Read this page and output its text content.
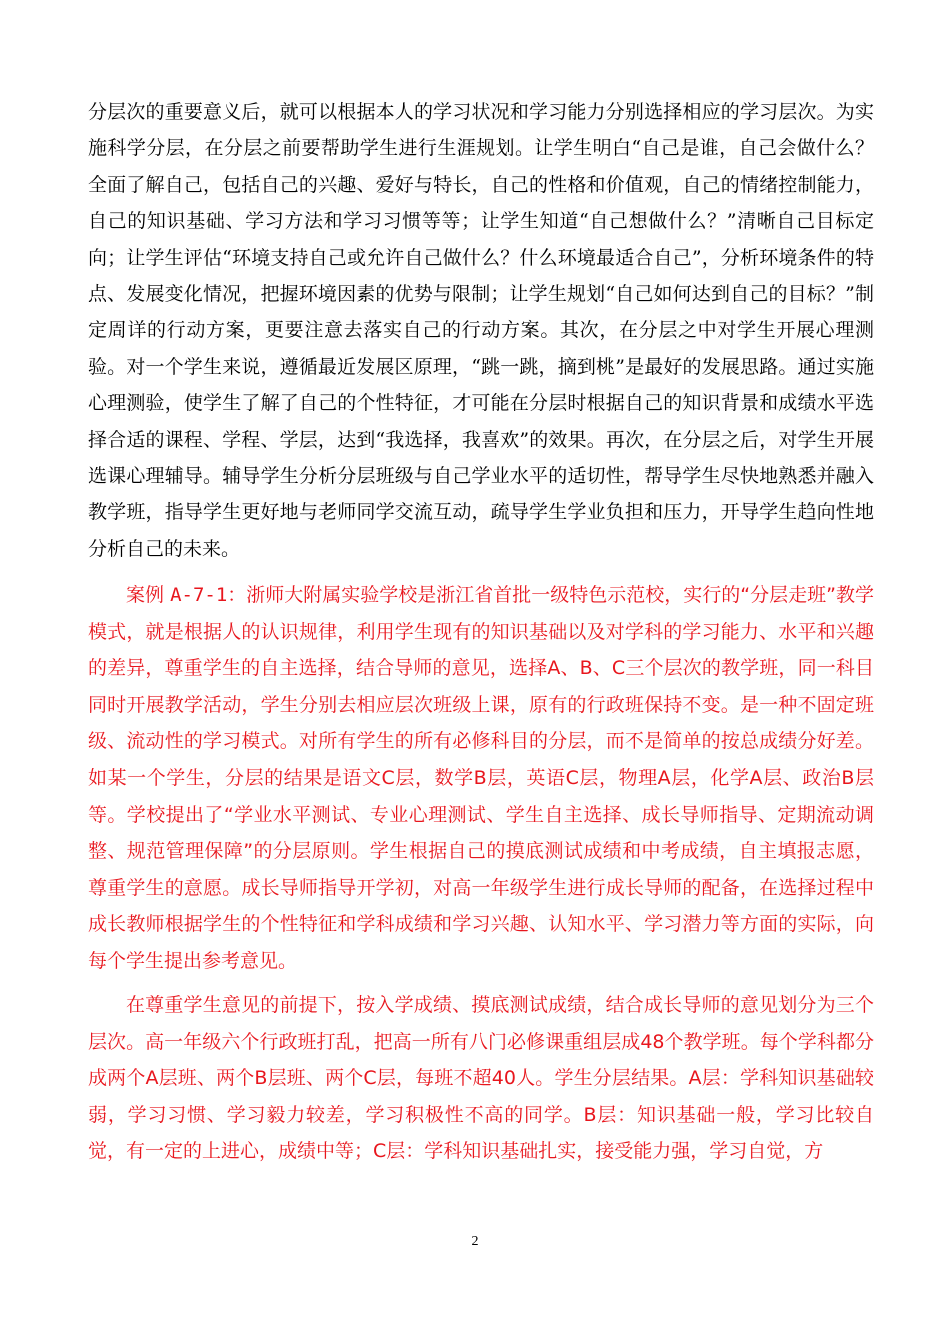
分层次的重要意义后，就可以根据本人的学习状况和学习能力分别选择相应的学习层次。为实施科学分层，在分层之前要帮助学生进行生涯规划。让学生明白“自己是谁，自己会做什么？全面了解自己，包括自己的兴趣、爱好与特长，自己的性格和价值观，自己的情绪控制能力，自己的知识基础、学习方法和学习习惯等等；让学生知道“自己想做什么？”清晰自己目标定向；让学生评估“环境支持自己或允许自己做什么？什么环境最适合自己”，分析环境条件的特点、发展变化情况，把握环境因素的优势与限制；让学生规划“自己如何达到自己的目标？”制定周详的行动方案，更要注意去落实自己的行动方案。其次，在分层之中对学生开展心理测验。对一个学生来说，遵循最近发展区原理，“跳一跳，摘到桃”是最好的发展思路。通过实施心理测验，使学生了解了自己的个性特征，才可能在分层时根据自己的知识背景和成绩水平选择合适的课程、学程、学层，达到“我选择，我喜欢”的效果。再次，在分层之后，对学生开展选课心理辅导。辅导学生分析分层班级与自己学业水平的适切性，帮导学生尽快地熟悉并融入教学班，指导学生更好地与老师同学交流互动，疏导学生学业负担和压力，开导学生趋向性地分析自己的未来。

案例 A-7-1：浙师大附属实验学校是浙江省首批一级特色示范校，实行的“分层走班”教学模式，就是根据人的认识规律，利用学生现有的知识基础以及对学科的学习能力、水平和兴趣的差异，尊重学生的自主选择，结合导师的意见，选择A、B、C三个层次的教学班，同一科目同时开展教学活动，学生分别去相应层次班级上课，原有的行政班保持不变。是一种不固定班级、流动性的学习模式。对所有学生的所有必修科目的分层，而不是简单的按总成绩分好差。如某一个学生，分层的结果是语文C层，数学B层，英语C层，物理A层，化学A层、政治B层等。学校提出了“学业水平测试、专业心理测试、学生自主选择、成长导师指导、定期流动调整、规范管理保障”的分层原则。学生根据自己的摸底测试成绩和中考成绩，自主填报志愿，尊重学生的意愿。成长导师指导开学初，对高一年级学生进行成长导师的配备，在选择过程中成长教师根据学生的个性特征和学科成绩和学习兴趣、认知水平、学习潜力等方面的实际，向每个学生提出参考意见。

在尊重学生意见的前提下，按入学成绩、摸底测试成绩，结合成长导师的意见划分为三个层次。高一年级六个行政班打乱，把高一所有八门必修课重组层成48个教学班。每个学科都分成两个A层班、两个B层班、两个C层，每班不超40人。学生分层结果。A层：学科知识基础较弱，学习习惯、学习毅力较差，学习积极性不高的同学。B层：知识基础一般，学习比较自觉，有一定的上进心，成绩中等；C层：学科知识基础扎实，接受能力强，学习自觉，方

2
